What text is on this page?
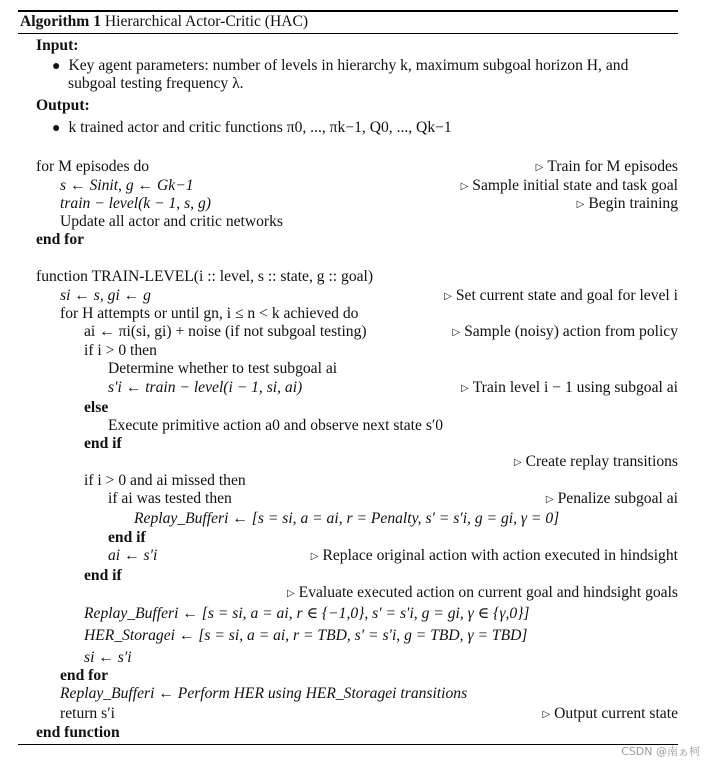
Algorithm 1 Hierarchical Actor-Critic (HAC)
Input:
● Key agent parameters: number of levels in hierarchy k, maximum subgoal horizon H, and
subgoal testing frequency λ.
Output:
● k trained actor and critic functions π0, ..., πk−1, Q0, ..., Qk−1
for M episodes do
s ← Sinit, g ← Gk−1
train − level(k − 1, s, g)
Update all actor and critic networks
end for
function TRAIN-LEVEL(i :: level, s :: state, g :: goal)
si ← s, gi ← g
for H attempts or until gn, i ≤ n < k achieved do
ai ← πi(si, gi) + noise (if not subgoal testing)
if i > 0 then
Determine whether to test subgoal ai
s′i ← train − level(i − 1, si, ai)
else
Execute primitive action a0 and observe next state s′0
end if
if i > 0 and ai missed then
if ai was tested then
Replay_Bufferi ← [s = si, a = ai, r = Penalty, s′ = s′i, g = gi, γ = 0]
end if
ai ← s′i
end if
Replay_Bufferi ← [s = si, a = ai, r ∈ {−1,0}, s′ = s′i, g = gi, γ ∈ {γ,0}]
HER_Storagei ← [s = si, a = ai, r = TBD, s′ = s′i, g = TBD, γ = TBD]
si ← s′i
end for
Replay_Bufferi ← Perform HER using HER_Storagei transitions
return s′i
end function
▷ Train for M episodes
▷ Sample initial state and task goal
▷ Begin training
▷ Set current state and goal for level i
▷ Sample (noisy) action from policy
▷ Train level i − 1 using subgoal ai
▷ Create replay transitions
▷ Penalize subgoal ai
▷ Replace original action with action executed in hindsight
▷ Evaluate executed action on current goal and hindsight goals
▷ Output current state
CSDN @南ぁ柯
